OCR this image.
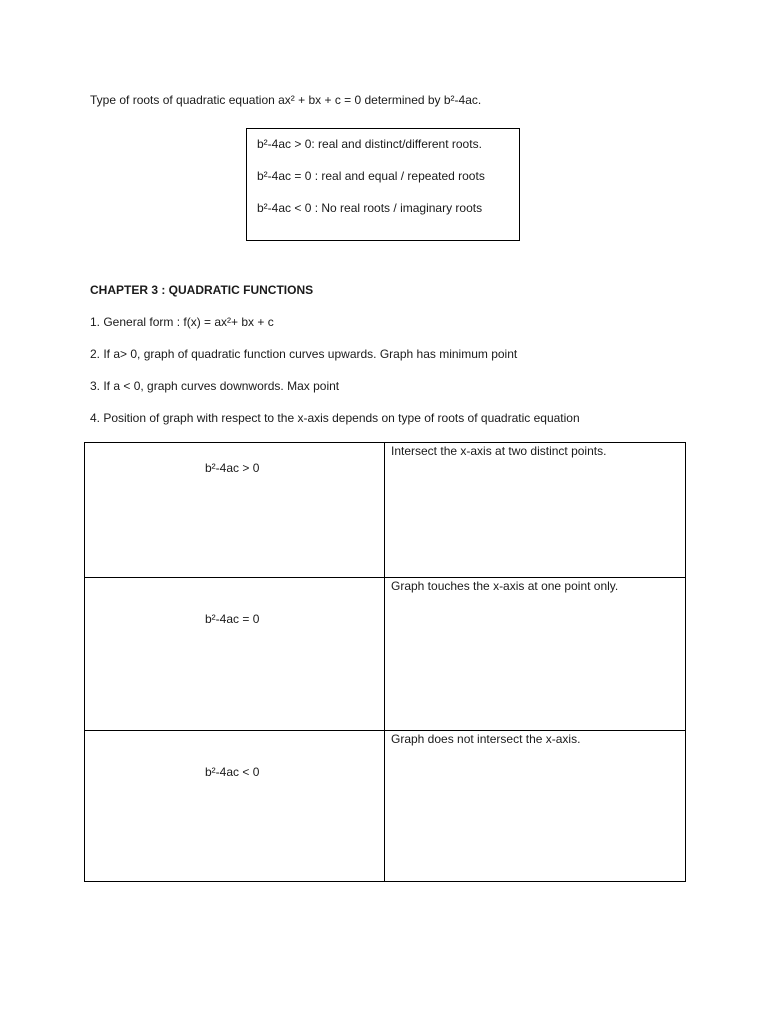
Type of roots of quadratic equation ax² + bx + c = 0 determined by b²-4ac.
b²-4ac > 0: real and distinct/different roots.
b²-4ac = 0 : real and equal / repeated roots
b²-4ac < 0 : No real roots / imaginary roots
CHAPTER 3 : QUADRATIC FUNCTIONS
1. General form : f(x) = ax²+ bx + c
2. If a> 0, graph of quadratic function curves upwards. Graph has minimum point
3. If a < 0, graph curves downwords. Max point
4. Position of graph with respect to the x-axis depends on type of roots of quadratic equation
b²-4ac > 0
Intersect the x-axis at two distinct points.
b²-4ac = 0
Graph touches the x-axis at one point only.
b²-4ac < 0
Graph does not intersect the x-axis.
